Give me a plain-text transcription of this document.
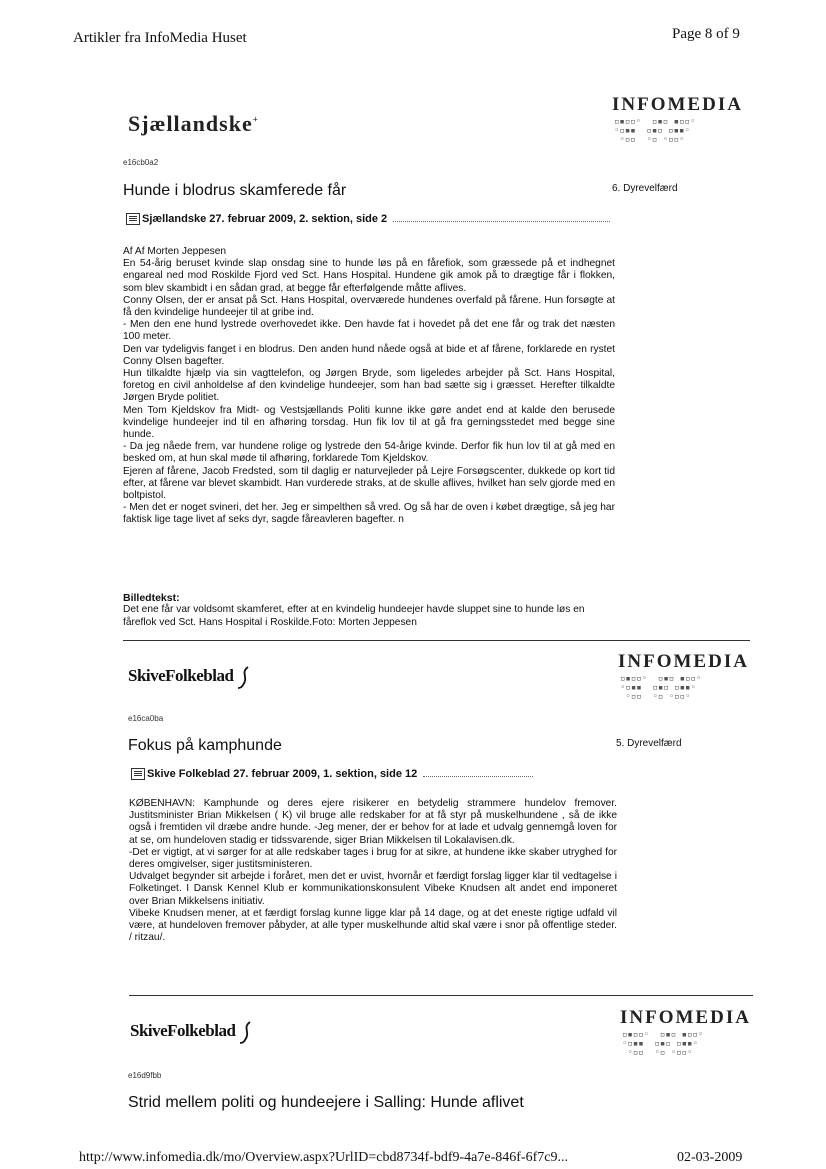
Artikler fra InfoMedia Huset	Page 8 of 9
Sjællandske+
INFOMEDIA
▫▪▫▫◦  ▫▪▫ ▪▫▫◦
◦▫▪▪  ▫▪▫ ▫▪▪◦
◦▫▫  ◦▫ ◦▫▫◦
e16cb0a2
Hunde i blodrus skamferede får	6. Dyrevelfærd
Sjællandske 27. februar 2009, 2. sektion, side 2

Af Af Morten Jeppesen

En 54-årig beruset kvinde slap onsdag sine to hunde løs på en fårefiok, som græssede på et indhegnet engareal ned mod Roskilde Fjord ved Sct. Hans Hospital. Hundene gik amok på to drægtige får i flokken, som blev skambidt i en sådan grad, at begge får efterfølgende måtte aflives.

Conny Olsen, der er ansat på Sct. Hans Hospital, overværede hundenes overfald på fårene. Hun forsøgte at få den kvindelige hundeejer til at gribe ind.

- Men den ene hund lystrede overhovedet ikke. Den havde fat i hovedet på det ene får og trak det næsten 100 meter.

Den var tydeligvis fanget i en blodrus. Den anden hund nåede også at bide et af fårene, forklarede en rystet Conny Olsen bagefter.

Hun tilkaldte hjælp via sin vagttelefon, og Jørgen Bryde, som ligeledes arbejder på Sct. Hans Hospital, foretog en civil anholdelse af den kvindelige hundeejer, som han bad sætte sig i græsset. Herefter tilkaldte Jørgen Bryde politiet.

Men Tom Kjeldskov fra Midt- og Vestsjællands Politi kunne ikke gøre andet end at kalde den berusede kvindelige hundeejer ind til en afhøring torsdag. Hun fik lov til at gå fra gerningsstedet med begge sine hunde.

- Da jeg nåede frem, var hundene rolige og lystrede den 54-årige kvinde. Derfor fik hun lov til at gå med en besked om, at hun skal møde til afhøring, forklarede Tom Kjeldskov.

Ejeren af fårene, Jacob Fredsted, som til daglig er naturvejleder på Lejre Forsøgscenter, dukkede op kort tid efter, at fårene var blevet skambidt. Han vurderede straks, at de skulle aflives, hvilket han selv gjorde med en boltpistol.

- Men det er noget svineri, det her. Jeg er simpelthen så vred. Og så har de oven i købet drægtige, så jeg har faktisk lige tage livet af seks dyr, sagde fåreavleren bagefter. n

Billedtekst:
Det ene får var voldsomt skamferet, efter at en kvindelig hundeejer havde sluppet sine to hunde løs en fåreflok ved Sct. Hans Hospital i Roskilde.Foto: Morten Jeppesen
SkiveFolkeblad
INFOMEDIA
▫▪▫▫◦  ▫▪▫ ▪▫▫◦
◦▫▪▪  ▫▪▫ ▫▪▪◦
◦▫▫  ◦▫ ◦▫▫◦
e16ca0ba
Fokus på kamphunde	5. Dyrevelfærd
Skive Folkeblad 27. februar 2009, 1. sektion, side 12

KØBENHAVN: Kamphunde og deres ejere risikerer en betydelig strammere hundelov fremover. Justitsminister Brian Mikkelsen ( K) vil bruge alle redskaber for at få styr på muskelhundene , så de ikke også i fremtiden vil dræbe andre hunde. -Jeg mener, der er behov for at lade et udvalg gennemgå loven for at se, om hundeloven stadig er tidssvarende, siger Brian Mikkelsen til Lokalavisen.dk.

-Det er vigtigt, at vi sørger for at alle redskaber tages i brug for at sikre, at hundene ikke skaber utryghed for deres omgivelser, siger justitsministeren.

Udvalget begynder sit arbejde i foråret, men det er uvist, hvornår et færdigt forslag ligger klar til vedtagelse i Folketinget. I Dansk Kennel Klub er kommunikationskonsulent Vibeke Knudsen alt andet end imponeret over Brian Mikkelsens initiativ.

Vibeke Knudsen mener, at et færdigt forslag kunne ligge klar på 14 dage, og at det eneste rigtige udfald vil være, at hundeloven fremover påbyder, at alle typer muskelhunde altid skal være i snor på offentlige steder. / ritzau/.

SkiveFolkeblad
INFOMEDIA
▫▪▫▫◦  ▫▪▫ ▪▫▫◦
◦▫▪▪  ▫▪▫ ▫▪▪◦
◦▫▫  ◦▫ ◦▫▫◦
e16d9fbb
Strid mellem politi og hundeejere i Salling: Hunde aflivet
http://www.infomedia.dk/mo/Overview.aspx?UrlID=cbd8734f-bdf9-4a7e-846f-6f7c9...	02-03-2009
